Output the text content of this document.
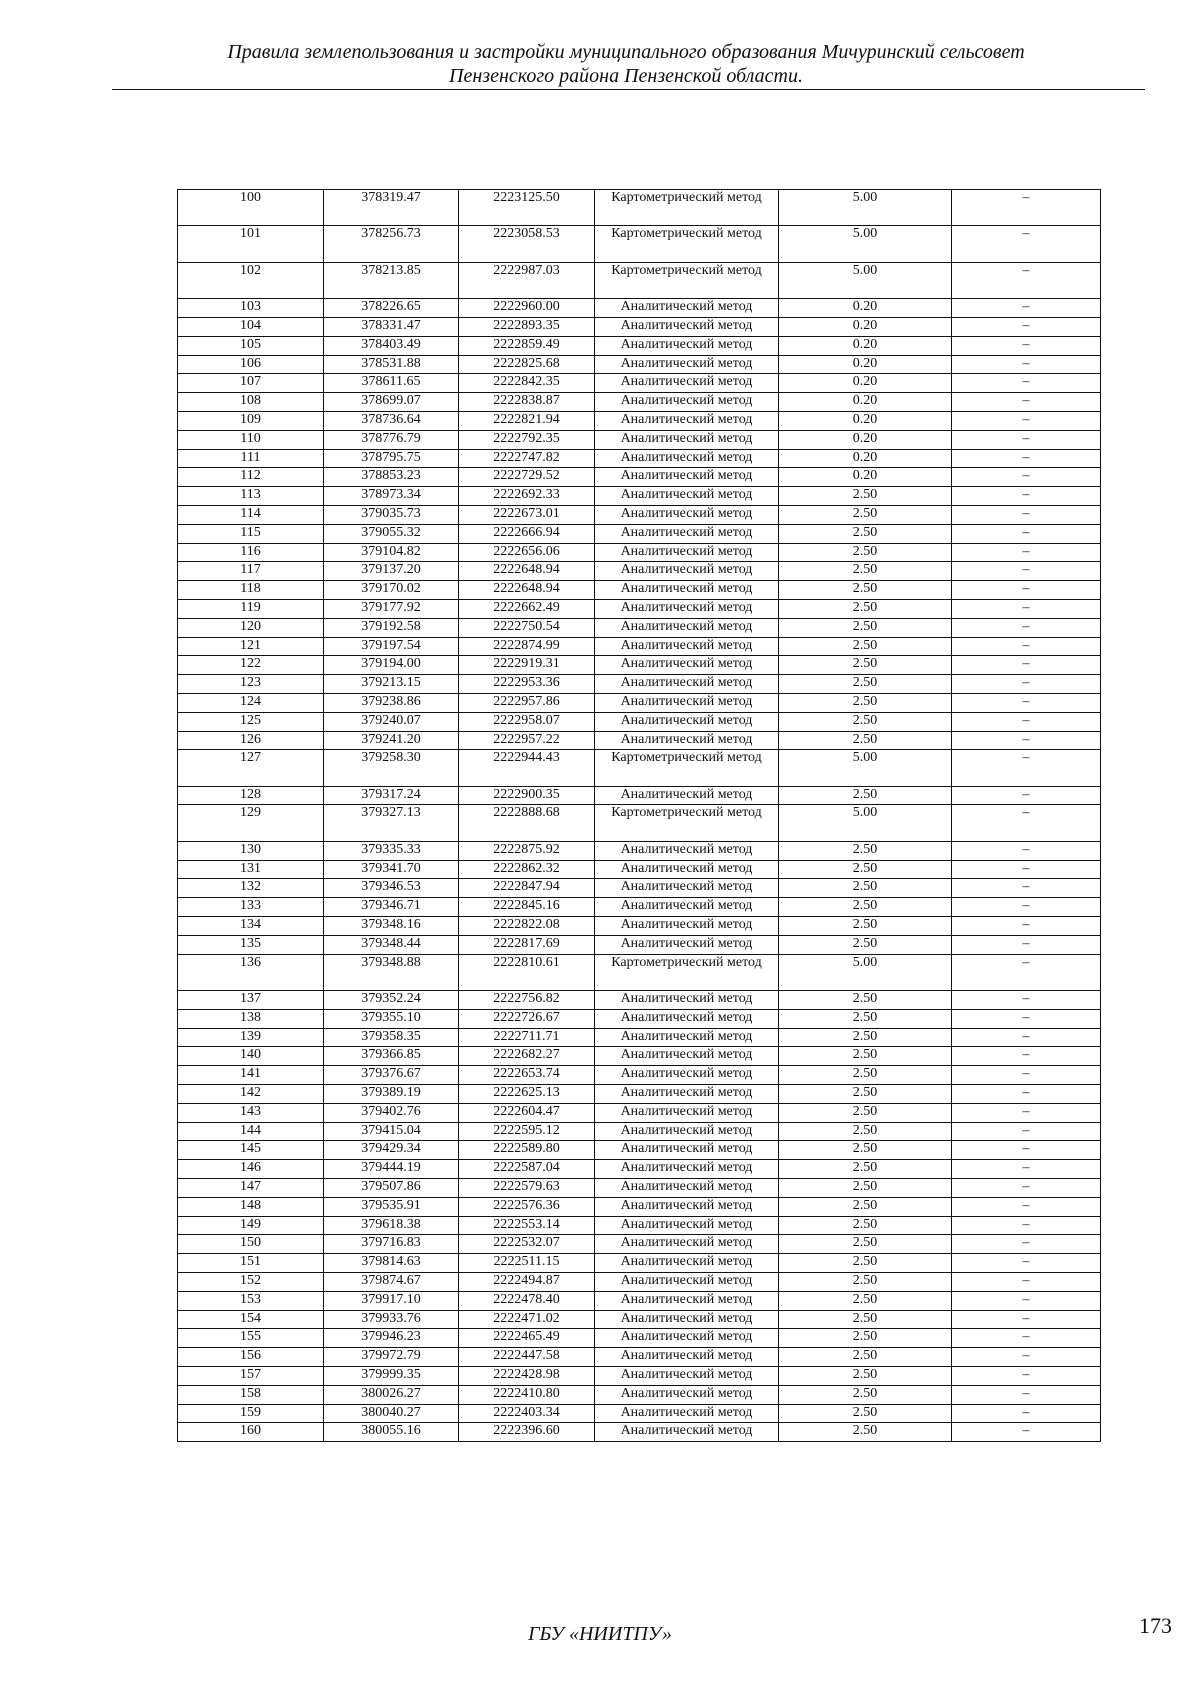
Правила землепользования и застройки муниципального образования Мичуринский сельсовет
Пензенского района Пензенской области.
100	378319.47	2223125.50	Картометрический метод	5.00	–
101	378256.73	2223058.53	Картометрический метод	5.00	–
102	378213.85	2222987.03	Картометрический метод	5.00	–
103	378226.65	2222960.00	Аналитический метод	0.20	–
104	378331.47	2222893.35	Аналитический метод	0.20	–
105	378403.49	2222859.49	Аналитический метод	0.20	–
106	378531.88	2222825.68	Аналитический метод	0.20	–
107	378611.65	2222842.35	Аналитический метод	0.20	–
108	378699.07	2222838.87	Аналитический метод	0.20	–
109	378736.64	2222821.94	Аналитический метод	0.20	–
110	378776.79	2222792.35	Аналитический метод	0.20	–
111	378795.75	2222747.82	Аналитический метод	0.20	–
112	378853.23	2222729.52	Аналитический метод	0.20	–
113	378973.34	2222692.33	Аналитический метод	2.50	–
114	379035.73	2222673.01	Аналитический метод	2.50	–
115	379055.32	2222666.94	Аналитический метод	2.50	–
116	379104.82	2222656.06	Аналитический метод	2.50	–
117	379137.20	2222648.94	Аналитический метод	2.50	–
118	379170.02	2222648.94	Аналитический метод	2.50	–
119	379177.92	2222662.49	Аналитический метод	2.50	–
120	379192.58	2222750.54	Аналитический метод	2.50	–
121	379197.54	2222874.99	Аналитический метод	2.50	–
122	379194.00	2222919.31	Аналитический метод	2.50	–
123	379213.15	2222953.36	Аналитический метод	2.50	–
124	379238.86	2222957.86	Аналитический метод	2.50	–
125	379240.07	2222958.07	Аналитический метод	2.50	–
126	379241.20	2222957.22	Аналитический метод	2.50	–
127	379258.30	2222944.43	Картометрический метод	5.00	–
128	379317.24	2222900.35	Аналитический метод	2.50	–
129	379327.13	2222888.68	Картометрический метод	5.00	–
130	379335.33	2222875.92	Аналитический метод	2.50	–
131	379341.70	2222862.32	Аналитический метод	2.50	–
132	379346.53	2222847.94	Аналитический метод	2.50	–
133	379346.71	2222845.16	Аналитический метод	2.50	–
134	379348.16	2222822.08	Аналитический метод	2.50	–
135	379348.44	2222817.69	Аналитический метод	2.50	–
136	379348.88	2222810.61	Картометрический метод	5.00	–
137	379352.24	2222756.82	Аналитический метод	2.50	–
138	379355.10	2222726.67	Аналитический метод	2.50	–
139	379358.35	2222711.71	Аналитический метод	2.50	–
140	379366.85	2222682.27	Аналитический метод	2.50	–
141	379376.67	2222653.74	Аналитический метод	2.50	–
142	379389.19	2222625.13	Аналитический метод	2.50	–
143	379402.76	2222604.47	Аналитический метод	2.50	–
144	379415.04	2222595.12	Аналитический метод	2.50	–
145	379429.34	2222589.80	Аналитический метод	2.50	–
146	379444.19	2222587.04	Аналитический метод	2.50	–
147	379507.86	2222579.63	Аналитический метод	2.50	–
148	379535.91	2222576.36	Аналитический метод	2.50	–
149	379618.38	2222553.14	Аналитический метод	2.50	–
150	379716.83	2222532.07	Аналитический метод	2.50	–
151	379814.63	2222511.15	Аналитический метод	2.50	–
152	379874.67	2222494.87	Аналитический метод	2.50	–
153	379917.10	2222478.40	Аналитический метод	2.50	–
154	379933.76	2222471.02	Аналитический метод	2.50	–
155	379946.23	2222465.49	Аналитический метод	2.50	–
156	379972.79	2222447.58	Аналитический метод	2.50	–
157	379999.35	2222428.98	Аналитический метод	2.50	–
158	380026.27	2222410.80	Аналитический метод	2.50	–
159	380040.27	2222403.34	Аналитический метод	2.50	–
160	380055.16	2222396.60	Аналитический метод	2.50	–
ГБУ «НИИТПУ»	173
